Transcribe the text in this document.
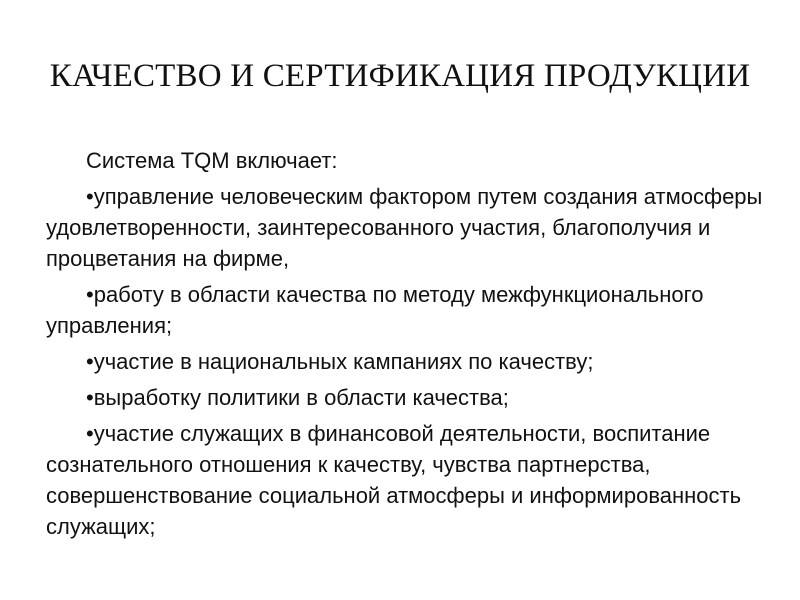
КАЧЕСТВО И СЕРТИФИКАЦИЯ ПРОДУКЦИИ

Система TQM включает:

•управление человеческим фактором путем создания атмосферы удовлетворенности, заинтересованного участия, благополучия и процветания на фирме,

•работу в области качества по методу межфункционального управления;

•участие в национальных кампаниях по качеству;

•выработку политики в области качества;

•участие служащих в финансовой деятельности, воспитание сознательного отношения к качеству, чувства партнерства, совершенствование социальной атмосферы и информированность служащих;
